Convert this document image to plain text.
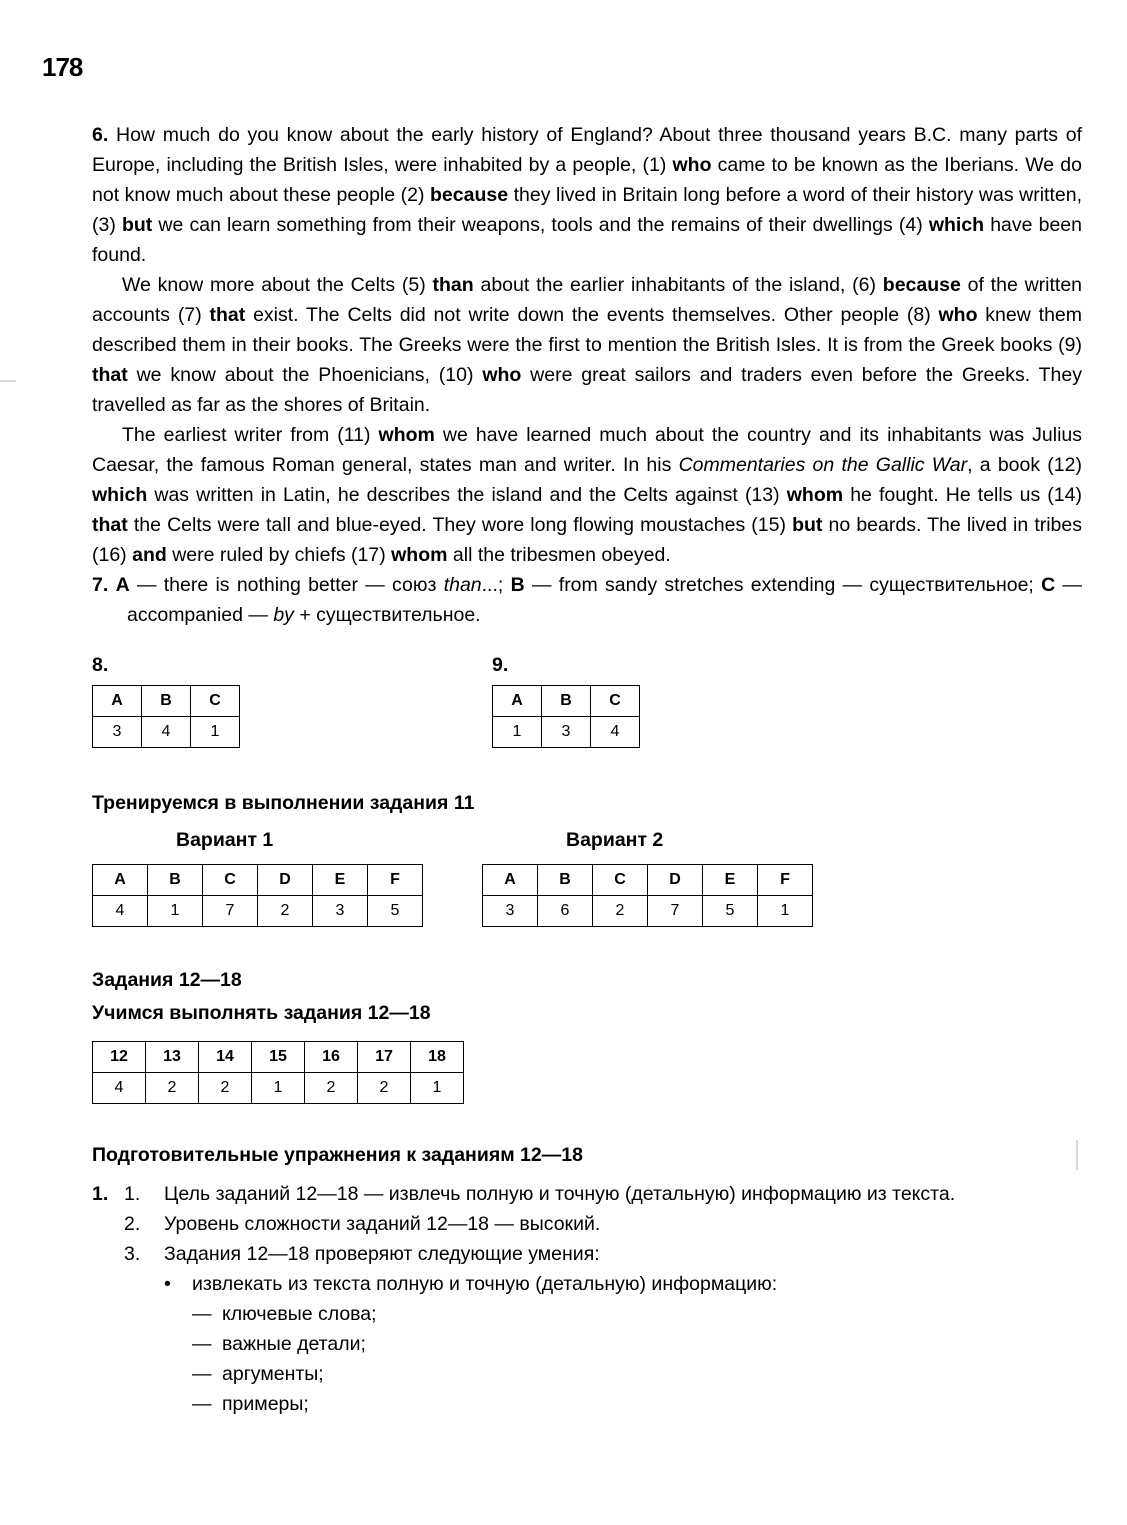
178

6. How much do you know about the early history of England? About three thousand years B.C. many parts of Europe, including the British Isles, were inhabited by a people, (1) who came to be known as the Iberians. We do not know much about these people (2) because they lived in Britain long before a word of their history was written, (3) but we can learn something from their weapons, tools and the remains of their dwellings (4) which have been found.

We know more about the Celts (5) than about the earlier inhabitants of the island, (6) because of the written accounts (7) that exist. The Celts did not write down the events themselves. Other people (8) who knew them described them in their books. The Greeks were the first to mention the British Isles. It is from the Greek books (9) that we know about the Phoenicians, (10) who were great sailors and traders even before the Greeks. They travelled as far as the shores of Britain.

The earliest writer from (11) whom we have learned much about the country and its inhabitants was Julius Caesar, the famous Roman general, states man and writer. In his Commentaries on the Gallic War, a book (12) which was written in Latin, he describes the island and the Celts against (13) whom he fought. He tells us (14) that the Celts were tall and blue-eyed. They wore long flowing moustaches (15) but no beards. The lived in tribes (16) and were ruled by chiefs (17) whom all the tribesmen obeyed.

7. A — there is nothing better — союз than...; B — from sandy stretches extending — существительное; C — accompanied — by + существительное.

8.
A	B	C
3	4	1
9.
A	B	C
1	3	4
Тренируемся в выполнении задания 11
Вариант 1
A	B	C	D	E	F
4	1	7	2	3	5
Вариант 2
A	B	C	D	E	F
3	6	2	7	5	1
Задания 12—18
Учимся выполнять задания 12—18
12	13	14	15	16	17	18
4	2	2	1	2	2	1
Подготовительные упражнения к заданиям 12—18
1. 1.	Цель заданий 12—18 — извлечь полную и точную (детальную) информацию из текста.
2.	Уровень сложности заданий 12—18 — высокий.
3.	Задания 12—18 проверяют следующие умения:
•	извлекать из текста полную и точную (детальную) информацию:
— ключевые слова;
— важные детали;
— аргументы;
— примеры;
